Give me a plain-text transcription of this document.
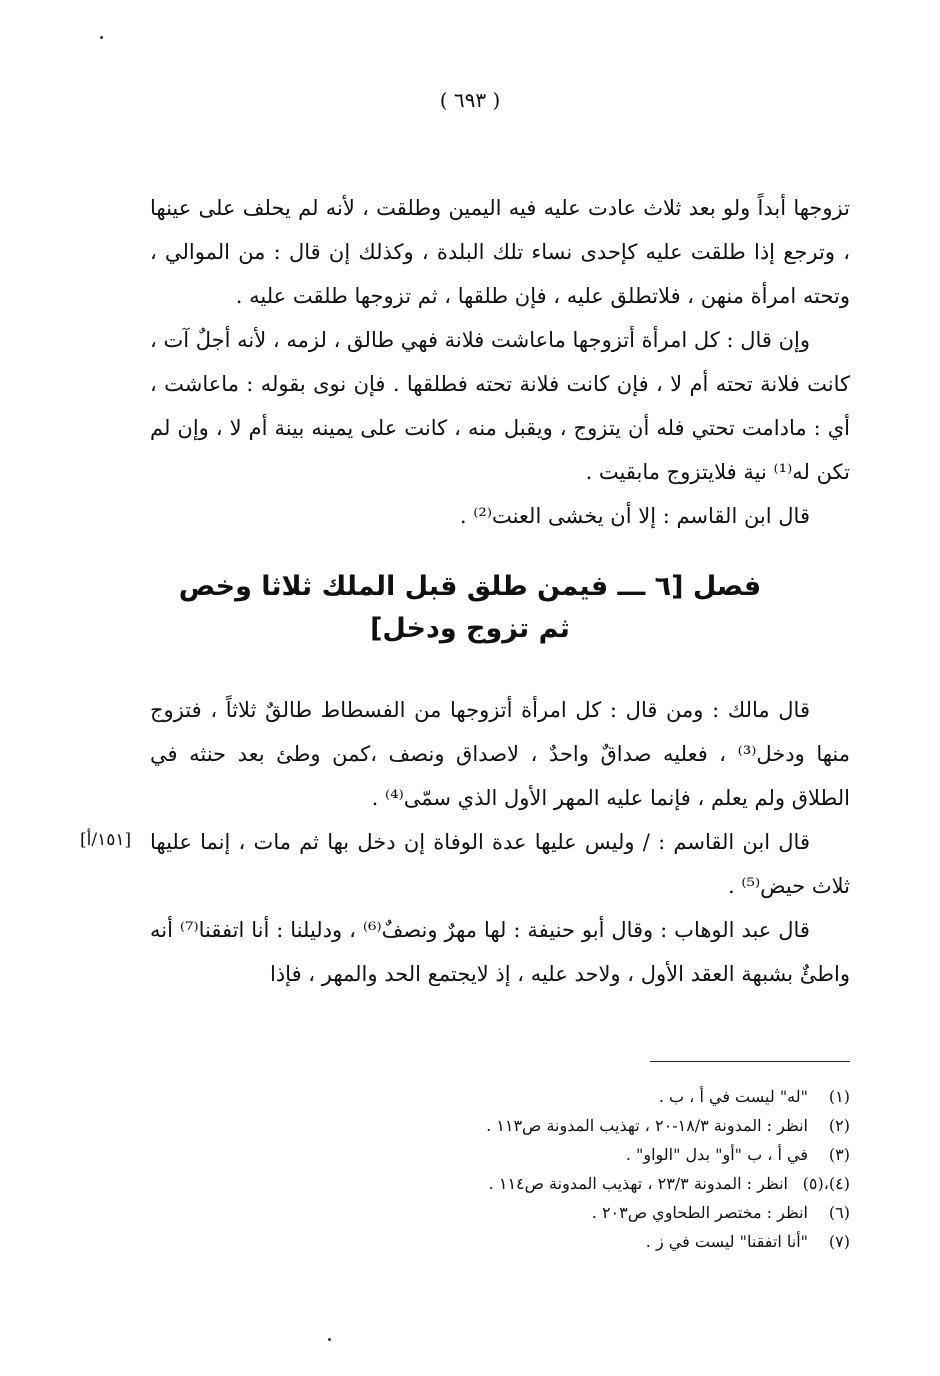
( ٦٩٣ )

تزوجها أبداً ولو بعد ثلاث عادت عليه فيه اليمين وطلقت ، لأنه لم يحلف على عينها ، وترجع إذا طلقت عليه كإحدى نساء تلك البلدة ، وكذلك إن قال : من الموالي ، وتحته امرأة منهن ، فلاتطلق عليه ، فإن طلقها ، ثم تزوجها طلقت عليه .

وإن قال : كل امرأة أتزوجها ماعاشت فلانة فهي طالق ، لزمه ، لأنه أجلٌ آت ، كانت فلانة تحته أم لا ، فإن كانت فلانة تحته فطلقها . فإن نوى بقوله : ماعاشت ، أي : مادامت تحتي فله أن يتزوج ، ويقبل منه ، كانت على يمينه بينة أم لا ، وإن لم تكن له⁽¹⁾ نية فلايتزوج مابقيت .

قال ابن القاسم : إلا أن يخشى العنت⁽²⁾ .

فصل [٦ ـــ فيمن طلق قبل الملك ثلاثا وخص
ثم تزوج ودخل]

قال مالك : ومن قال : كل امرأة أتزوجها من الفسطاط طالقٌ ثلاثاً ، فتزوج منها ودخل⁽³⁾ ، فعليه صداقٌ واحدٌ ، لاصداق ونصف ،كمن وطئ بعد حنثه في الطلاق ولم يعلم ، فإنما عليه المهر الأول الذي سمّى⁽⁴⁾ .

قال ابن القاسم : / وليس عليها عدة الوفاة إن دخل بها ثم مات ، إنما عليها ثلاث حيض⁽⁵⁾ .

قال عبد الوهاب : وقال أبو حنيفة : لها مهرٌ ونصفٌ⁽⁶⁾ ، ودليلنا : أنا اتفقنا⁽⁷⁾ أنه واطئٌ بشبهة العقد الأول ، ولاحد عليه ، إذ لايجتمع الحد والمهر ، فإذا

[١٥١/أ]
(١)
"له" ليست في أ ، ب .
(٢)
انظر : المدونة ١٨/٣-٢٠ ، تهذيب المدونة ص١١٣ .
(٣)
في أ ، ب "أو" بدل "الواو" .
(٤)،(٥)
انظر : المدونة ٢٣/٣ ، تهذيب المدونة ص١١٤ .
(٦)
انظر : مختصر الطحاوي ص٢٠٣ .
(٧)
"أنا اتفقنا" ليست في ز .
